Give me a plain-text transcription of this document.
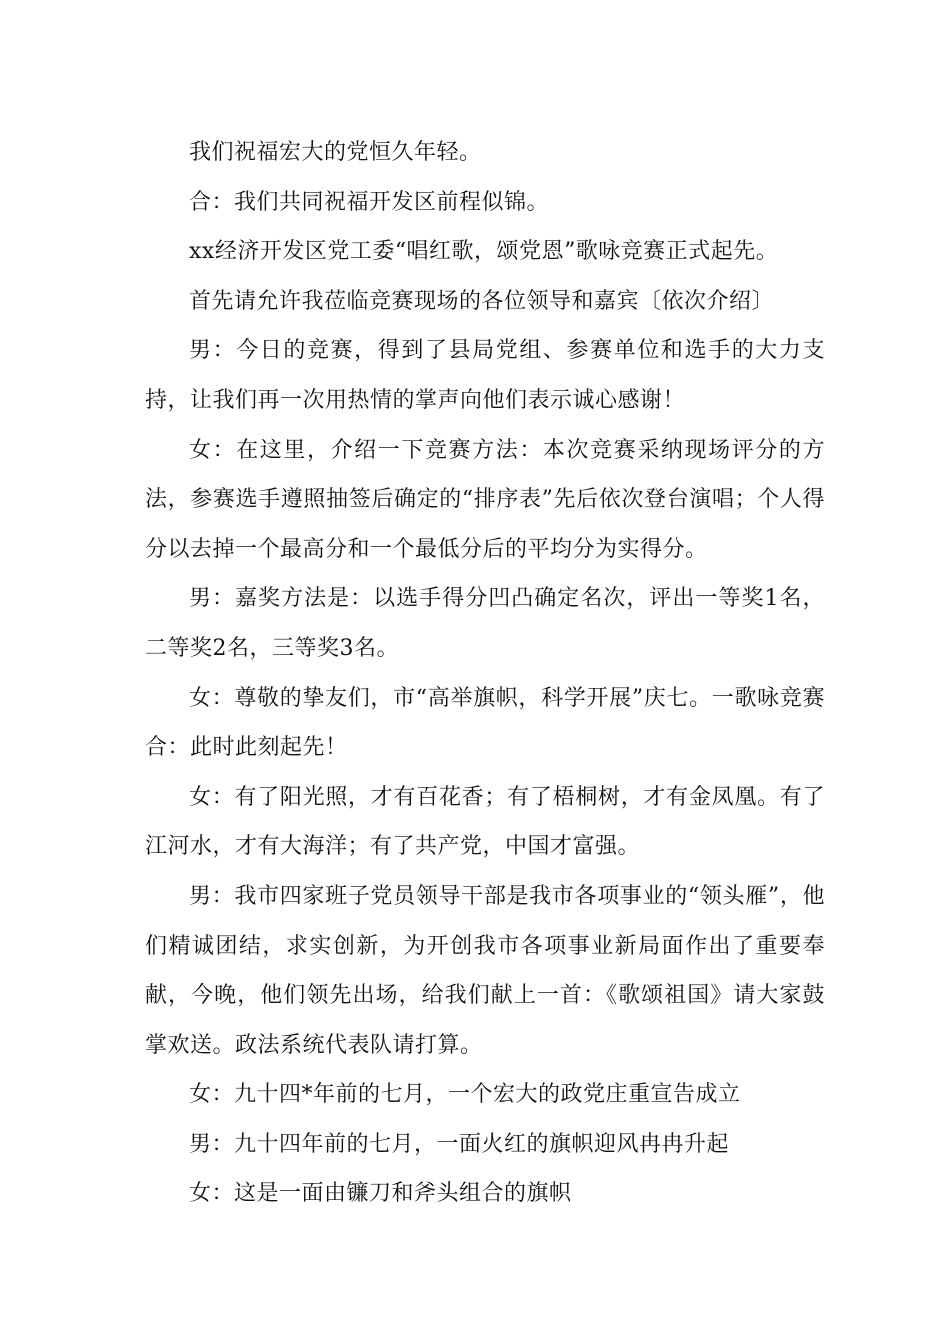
我们祝福宏大的党恒久年轻。

合：我们共同祝福开发区前程似锦。

xx经济开发区党工委“唱红歌，颂党恩”歌咏竞赛正式起先。

首先请允许我莅临竞赛现场的各位领导和嘉宾〔依次介绍〕

男：今日的竞赛，得到了县局党组、参赛单位和选手的大力支持，让我们再一次用热情的掌声向他们表示诚心感谢！

女：在这里，介绍一下竞赛方法：本次竞赛采纳现场评分的方法，参赛选手遵照抽签后确定的“排序表”先后依次登台演唱；个人得分以去掉一个最高分和一个最低分后的平均分为实得分。

男：嘉奖方法是：以选手得分凹凸确定名次，评出一等奖1名，二等奖2名，三等奖3名。

女：尊敬的挚友们，市“高举旗帜，科学开展”庆七。一歌咏竞赛 合：此时此刻起先！

女：有了阳光照，才有百花香；有了梧桐树，才有金凤凰。有了江河水，才有大海洋；有了共产党，中国才富强。

男：我市四家班子党员领导干部是我市各项事业的“领头雁”，他们精诚团结，求实创新，为开创我市各项事业新局面作出了重要奉献，今晚，他们领先出场，给我们献上一首：《歌颂祖国》请大家鼓掌欢送。政法系统代表队请打算。

女：九十四*年前的七月，一个宏大的政党庄重宣告成立

男：九十四年前的七月，一面火红的旗帜迎风冉冉升起

女：这是一面由镰刀和斧头组合的旗帜
